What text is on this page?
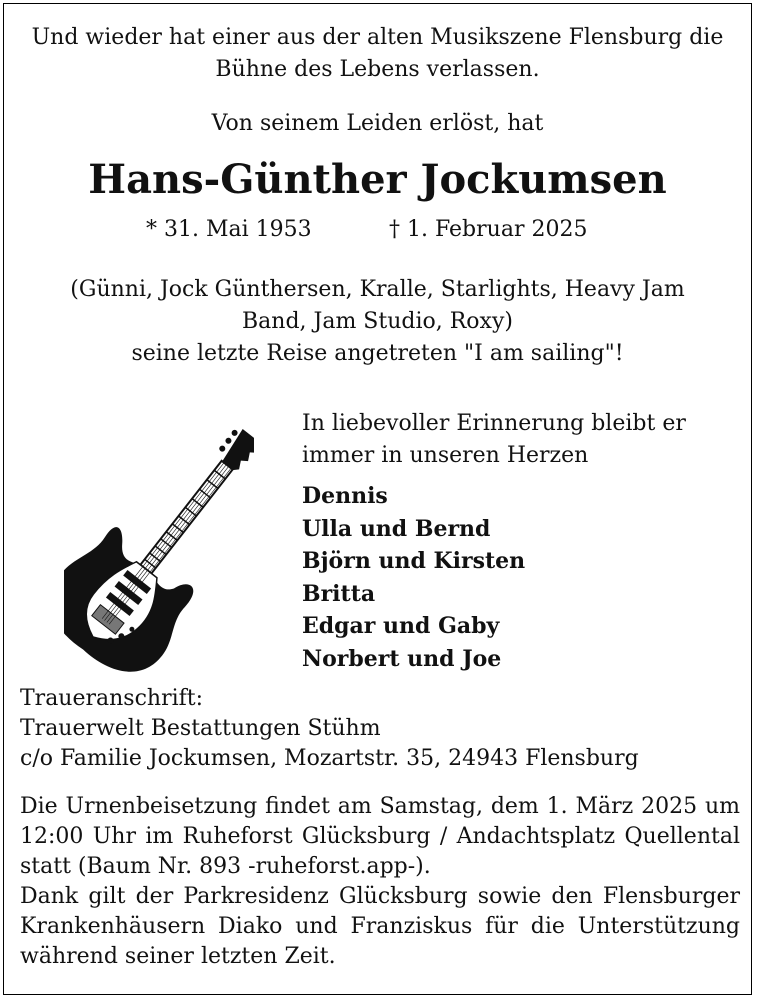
Und wieder hat einer aus der alten Musikszene Flensburg die
Bühne des Lebens verlassen.

Von seinem Leiden erlöst, hat

Hans-Günther Jockumsen

* 31. Mai 1953	† 1. Februar 2025

(Günni, Jock Günthersen, Kralle, Starlights, Heavy Jam
Band, Jam Studio, Roxy)
seine letzte Reise angetreten "I am sailing"!

In liebevoller Erinnerung bleibt er
immer in unseren Herzen

Dennis
Ulla und Bernd
Björn und Kirsten
Britta
Edgar und Gaby
Norbert und Joe
Traueranschrift:
Trauerwelt Bestattungen Stühm
c/o Familie Jockumsen, Mozartstr. 35, 24943 Flensburg

Die Urnenbeisetzung findet am Samstag, dem 1. März 2025 um 12:00 Uhr im Ruheforst Glücksburg / Andachtsplatz Quellental statt (Baum Nr. 893 -ruheforst.app-).

Dank gilt der Parkresidenz Glücksburg sowie den Flensburger Krankenhäusern Diako und Franziskus für die Unterstützung während seiner letzten Zeit.
